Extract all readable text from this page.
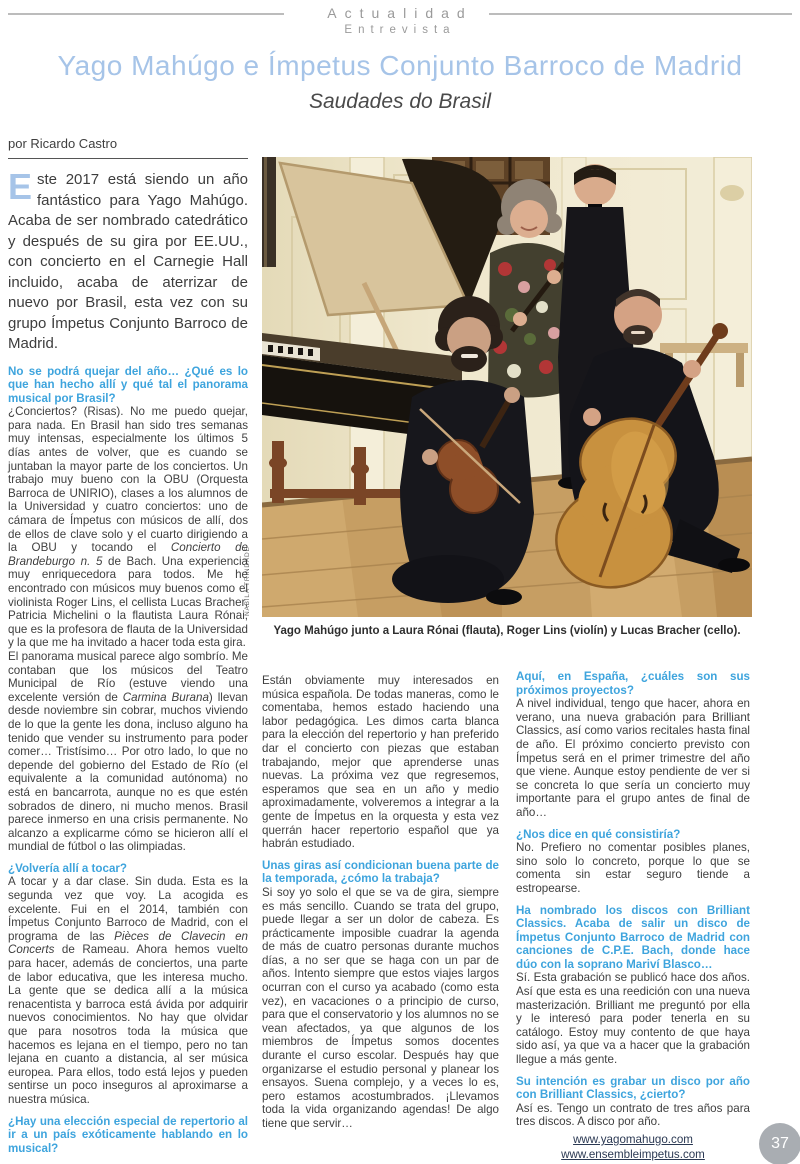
Actualidad
Entrevista
Yago Mahúgo e Ímpetus Conjunto Barroco de Madrid
Saudades do Brasil
por Ricardo Castro
NABILA TRINDADE
Yago Mahúgo junto a Laura Rónai (flauta), Roger Lins (violín) y Lucas Bracher (cello).

Este 2017 está siendo un año fantástico para Yago Mahúgo. Acaba de ser nombrado catedrático y después de su gira por EE.UU., con concierto en el Carnegie Hall incluido, acaba de aterrizar de nuevo por Brasil, esta vez con su grupo Ímpetus Conjunto Barroco de Madrid.

No se podrá quejar del año… ¿Qué es lo que han hecho allí y qué tal el panorama musical por Brasil?

¿Conciertos? (Risas). No me puedo quejar, para nada. En Brasil han sido tres semanas muy intensas, especialmente los últimos 5 días antes de volver, que es cuando se juntaban la mayor parte de los conciertos. Un trabajo muy bueno con la OBU (Orquesta Barroca de UNIRIO), clases a los alumnos de la Universidad y cuatro conciertos: uno de cámara de Ímpetus con músicos de allí, dos de ellos de clave solo y el cuarto dirigiendo a la OBU y tocando el Concierto de Brandeburgo n. 5 de Bach. Una experiencia muy enriquecedora para todos. Me he encontrado con músicos muy buenos como el violinista Roger Lins, el cellista Lucas Bracher, Patricia Michelini o la flautista Laura Rónai, que es la profesora de flauta de la Universidad y la que me ha invitado a hacer toda esta gira.

El panorama musical parece algo sombrío. Me contaban que los músicos del Teatro Municipal de Río (estuve viendo una excelente versión de Carmina Burana) llevan desde noviembre sin cobrar, muchos viviendo de lo que la gente les dona, incluso alguno ha tenido que vender su instrumento para poder comer… Tristísimo… Por otro lado, lo que no depende del gobierno del Estado de Río (el equivalente a la comunidad autónoma) no está en bancarrota, aunque no es que estén sobrados de dinero, ni mucho menos. Brasil parece inmerso en una crisis permanente. No alcanzo a explicarme cómo se hicieron allí el mundial de fútbol o las olimpiadas.

¿Volvería allí a tocar?

A tocar y a dar clase. Sin duda. Esta es la segunda vez que voy. La acogida es excelente. Fui en el 2014, también con Ímpetus Conjunto Barroco de Madrid, con el programa de las Pièces de Clavecin en Concerts de Rameau. Ahora hemos vuelto para hacer, además de conciertos, una parte de labor educativa, que les interesa mucho. La gente que se dedica allí a la música renacentista y barroca está ávida por adquirir nuevos conocimientos. No hay que olvidar que para nosotros toda la música que hacemos es lejana en el tiempo, pero no tan lejana en cuanto a distancia, al ser música europea. Para ellos, todo está lejos y pueden sentirse un poco inseguros al aproximarse a nuestra música.

¿Hay una elección especial de repertorio al ir a un país exóticamente hablando en lo musical?

Están obviamente muy interesados en música española. De todas maneras, como le comentaba, hemos estado haciendo una labor pedagógica. Les dimos carta blanca para la elección del repertorio y han preferido dar el concierto con piezas que estaban trabajando, mejor que aprenderse unas nuevas. La próxima vez que regresemos, esperamos que sea en un año y medio aproximadamente, volveremos a integrar a la gente de Ímpetus en la orquesta y esta vez querrán hacer repertorio español que ya habrán estudiado.

Unas giras así condicionan buena parte de la temporada, ¿cómo la trabaja?

Si soy yo solo el que se va de gira, siempre es más sencillo. Cuando se trata del grupo, puede llegar a ser un dolor de cabeza. Es prácticamente imposible cuadrar la agenda de más de cuatro personas durante muchos días, a no ser que se haga con un par de años. Intento siempre que estos viajes largos ocurran con el curso ya acabado (como esta vez), en vacaciones o a principio de curso, para que el conservatorio y los alumnos no se vean afectados, ya que algunos de los miembros de Ímpetus somos docentes durante el curso escolar. Después hay que organizarse el estudio personal y planear los ensayos. Suena complejo, y a veces lo es, pero estamos acostumbrados. ¡Llevamos toda la vida organizando agendas! De algo tiene que servir…

Aquí, en España, ¿cuáles son sus próximos proyectos?

A nivel individual, tengo que hacer, ahora en verano, una nueva grabación para Brilliant Classics, así como varios recitales hasta final de año. El próximo concierto previsto con Ímpetus será en el primer trimestre del año que viene. Aunque estoy pendiente de ver si se concreta lo que sería un concierto muy importante para el grupo antes de final de año…

¿Nos dice en qué consistiría?

No. Prefiero no comentar posibles planes, sino solo lo concreto, porque lo que se comenta sin estar seguro tiende a estropearse.

Ha nombrado los discos con Brilliant Classics. Acaba de salir un disco de Ímpetus Conjunto Barroco de Madrid con canciones de C.P.E. Bach, donde hace dúo con la soprano Mariví Blasco…

Sí. Esta grabación se publicó hace dos años. Así que esta es una reedición con una nueva masterización. Brilliant me preguntó por ella y le interesó para poder tenerla en su catálogo. Estoy muy contento de que haya sido así, ya que va a hacer que la grabación llegue a más gente.

Su intención es grabar un disco por año con Brilliant Classics, ¿cierto?

Así es. Tengo un contrato de tres años para tres discos. A disco por año.

www.yagomahugo.com
www.ensembleimpetus.com
37
